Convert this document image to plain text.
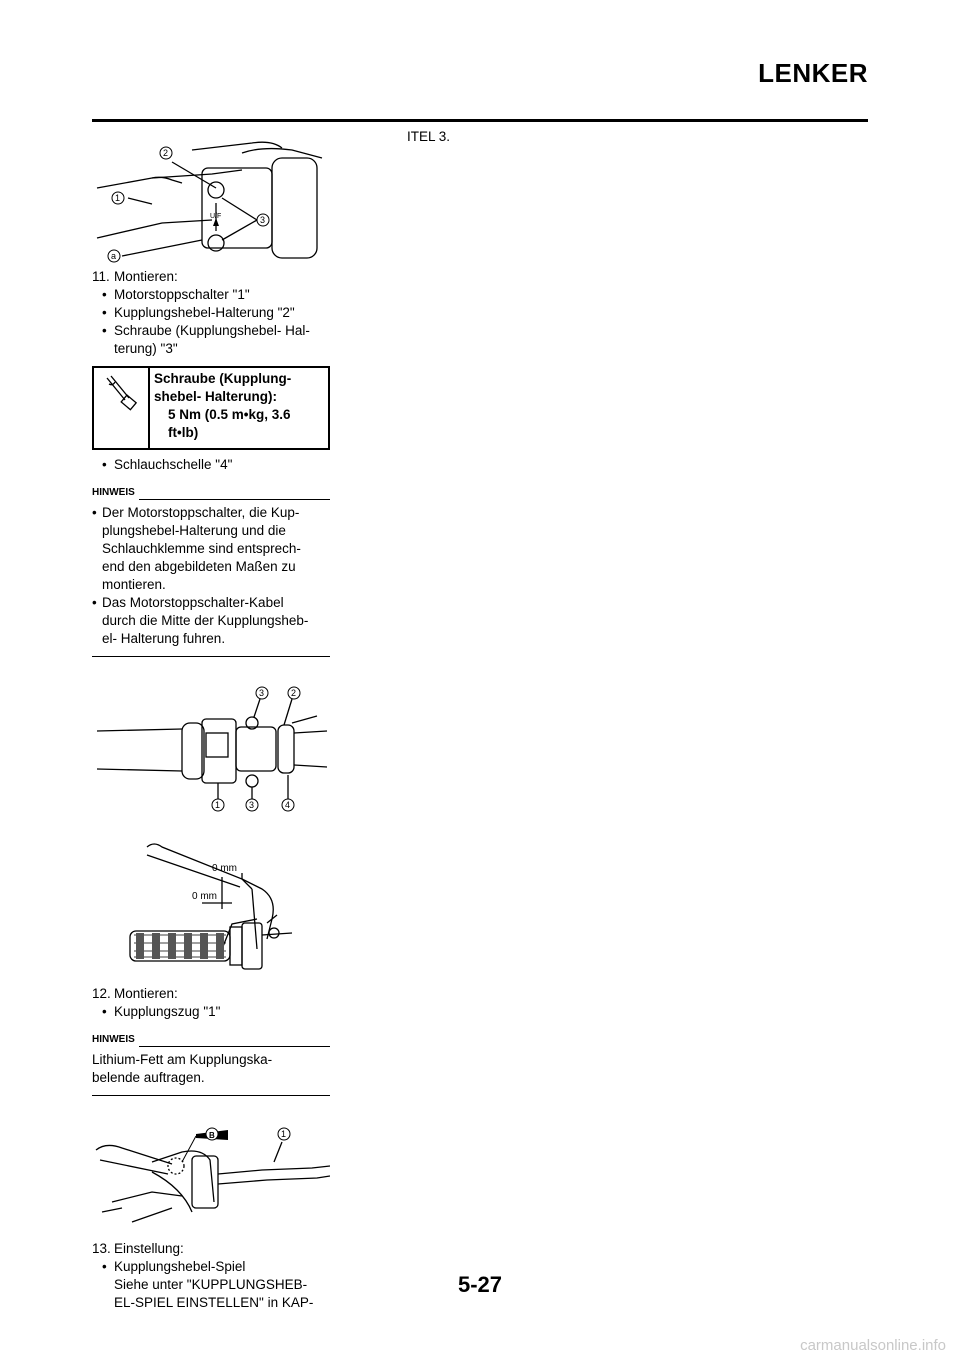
LENKER
U/F
2
1
3
a

11. Montieren:

• Motorstoppschalter "1"

• Kupplungshebel-Halterung "2"

• Schraube (Kupplungshebel- Hal-
terung) "3"

Schraube (Kupplung-
shebel- Halterung):
5 Nm (0.5 m•kg, 3.6
ft•lb)

• Schlauchschelle "4"

HINWEIS

• Der Motorstoppschalter, die Kup-
plungshebel-Halterung und die
Schlauchklemme sind entsprech-
end den abgebildeten Maßen zu
montieren.

• Das Motorstoppschalter-Kabel
durch die Mitte der Kupplungsheb-
el- Halterung fuhren.

3	2
1	3	4
0 mm
0 mm

12. Montieren:

• Kupplungszug "1"

HINWEIS
Lithium-Fett am Kupplungska-
belende auftragen.
B	1

13. Einstellung:

• Kupplungshebel-Spiel

Siehe unter "KUPPLUNGSHEB-
EL-SPIEL EINSTELLEN" in KAP-

ITEL 3.

5-27
carmanualsonline.info
